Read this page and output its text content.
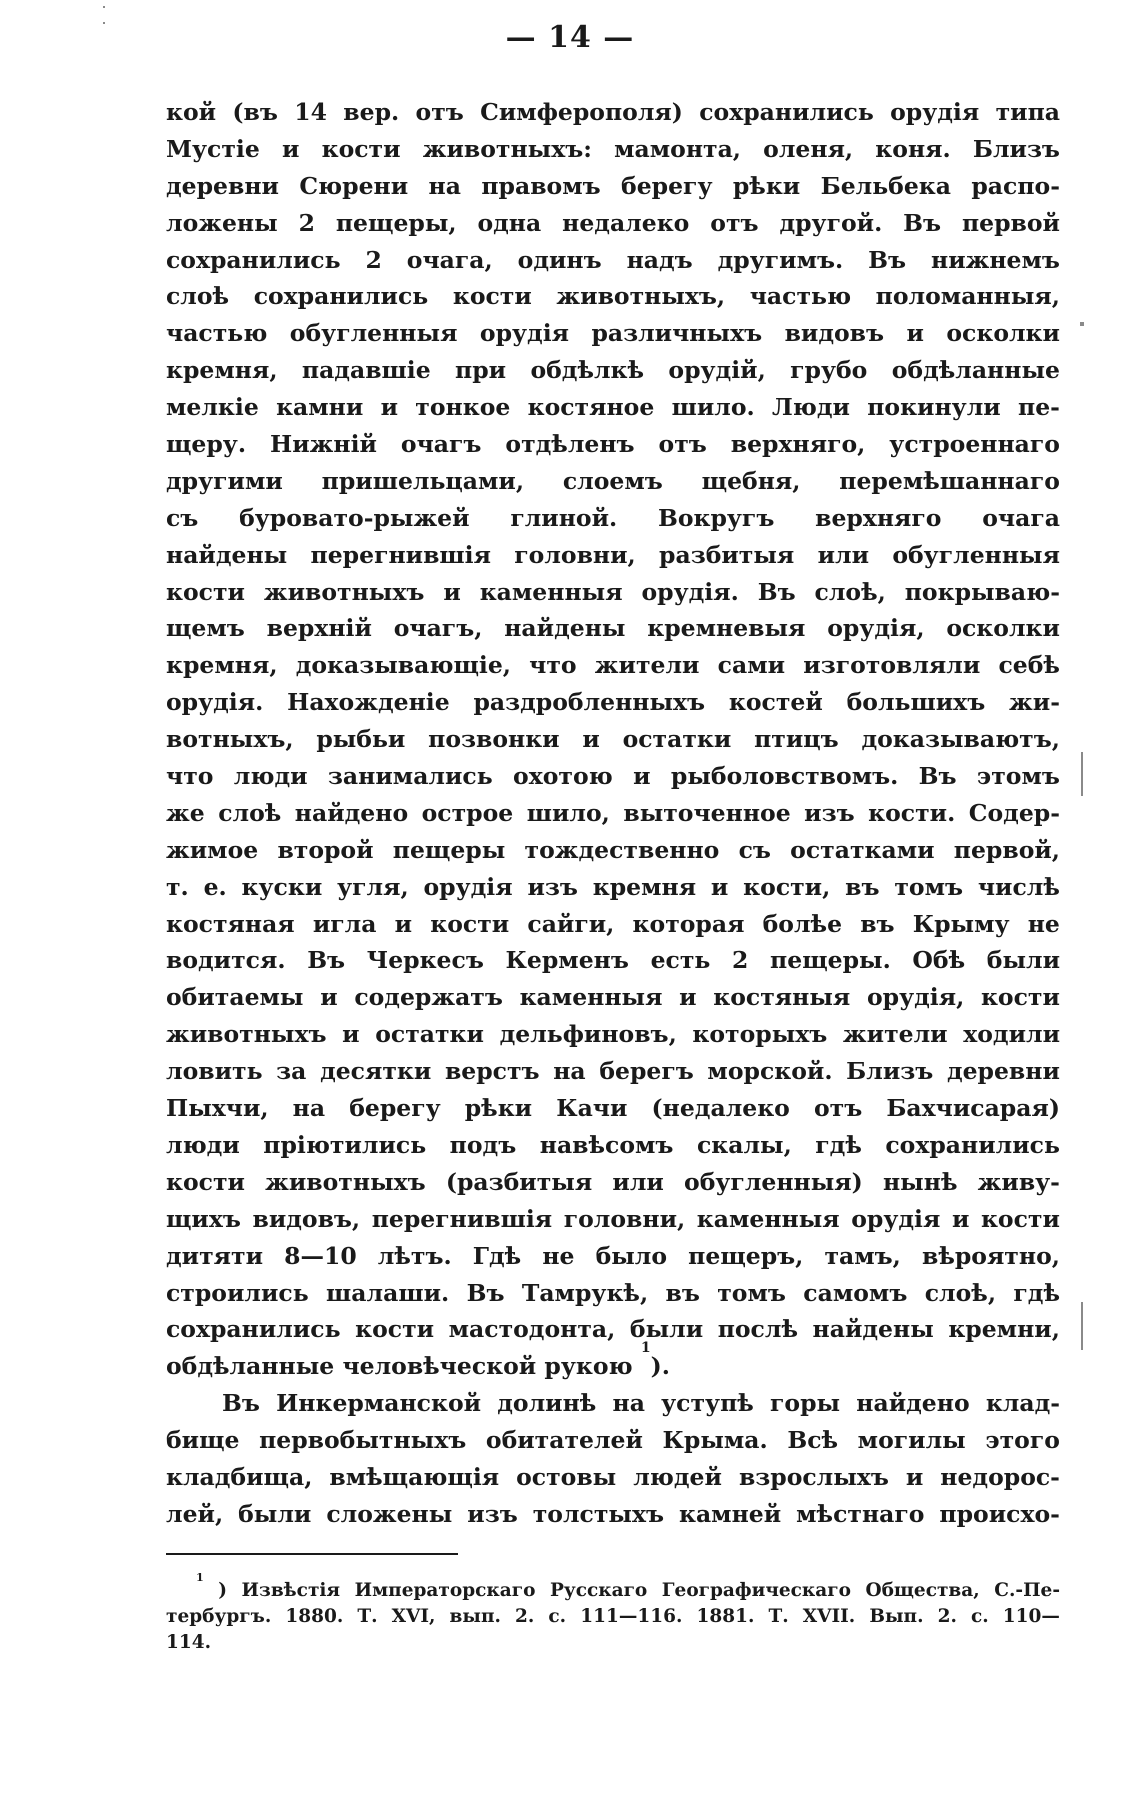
— 14 —
кой (въ 14 вер. отъ Симферополя) сохранились орудія типа
Мустіе и кости животныхъ: мамонта, оленя, коня. Близъ
деревни Сюрени на правомъ берегу рѣки Бельбека распо-
ложены 2 пещеры, одна недалеко отъ другой. Въ первой
сохранились 2 очага, одинъ надъ другимъ. Въ нижнемъ
слоѣ сохранились кости животныхъ, частью поломанныя,
частью обугленныя орудія различныхъ видовъ и осколки
кремня, падавшіе при обдѣлкѣ орудій, грубо обдѣланные
мелкіе камни и тонкое костяное шило. Люди покинули пе-
щеру. Нижній очагъ отдѣленъ отъ верхняго, устроеннаго
другими пришельцами, слоемъ щебня, перемѣшаннаго
съ буровато-рыжей глиной. Вокругъ верхняго очага
найдены перегнившія головни, разбитыя или обугленныя
кости животныхъ и каменныя орудія. Въ слоѣ, покрываю-
щемъ верхній очагъ, найдены кремневыя орудія, осколки
кремня, доказывающіе, что жители сами изготовляли себѣ
орудія. Нахожденіе раздробленныхъ костей большихъ жи-
вотныхъ, рыбьи позвонки и остатки птицъ доказываютъ,
что люди занимались охотою и рыболовствомъ. Въ этомъ
же слоѣ найдено острое шило, выточенное изъ кости. Содер-
жимое второй пещеры тождественно съ остатками первой,
т. е. куски угля, орудія изъ кремня и кости, въ томъ числѣ
костяная игла и кости сайги, которая болѣе въ Крыму не
водится. Въ Черкесъ Керменъ есть 2 пещеры. Обѣ были
обитаемы и содержатъ каменныя и костяныя орудія, кости
животныхъ и остатки дельфиновъ, которыхъ жители ходили
ловить за десятки верстъ на берегъ морской. Близъ деревни
Пыхчи, на берегу рѣки Качи (недалеко отъ Бахчисарая)
люди пріютились подъ навѣсомъ скалы, гдѣ сохранились
кости животныхъ (разбитыя или обугленныя) нынѣ живу-
щихъ видовъ, перегнившія головни, каменныя орудія и кости
дитяти 8—10 лѣтъ. Гдѣ не было пещеръ, тамъ, вѣроятно,
строились шалаши. Въ Тамрукѣ, въ томъ самомъ слоѣ, гдѣ
сохранились кости мастодонта, были послѣ найдены кремни,
обдѣланные
человѣческой
рукою

1
).
Въ Инкерманской долинѣ на уступѣ горы найдено клад-
бище первобытныхъ обитателей Крыма. Всѣ могилы этого
кладбища, вмѣщающія остовы людей взрослыхъ и недорос-
лей, были сложены изъ толстыхъ камней мѣстнаго происхо-
1
) Извѣстія Императорскаго Русскаго Географическаго Общества, С.-Пе-
тербургъ. 1880. Т. XVI, вып. 2. с. 111—116. 1881. Т. XVII. Вып. 2. с. 110—
114.
